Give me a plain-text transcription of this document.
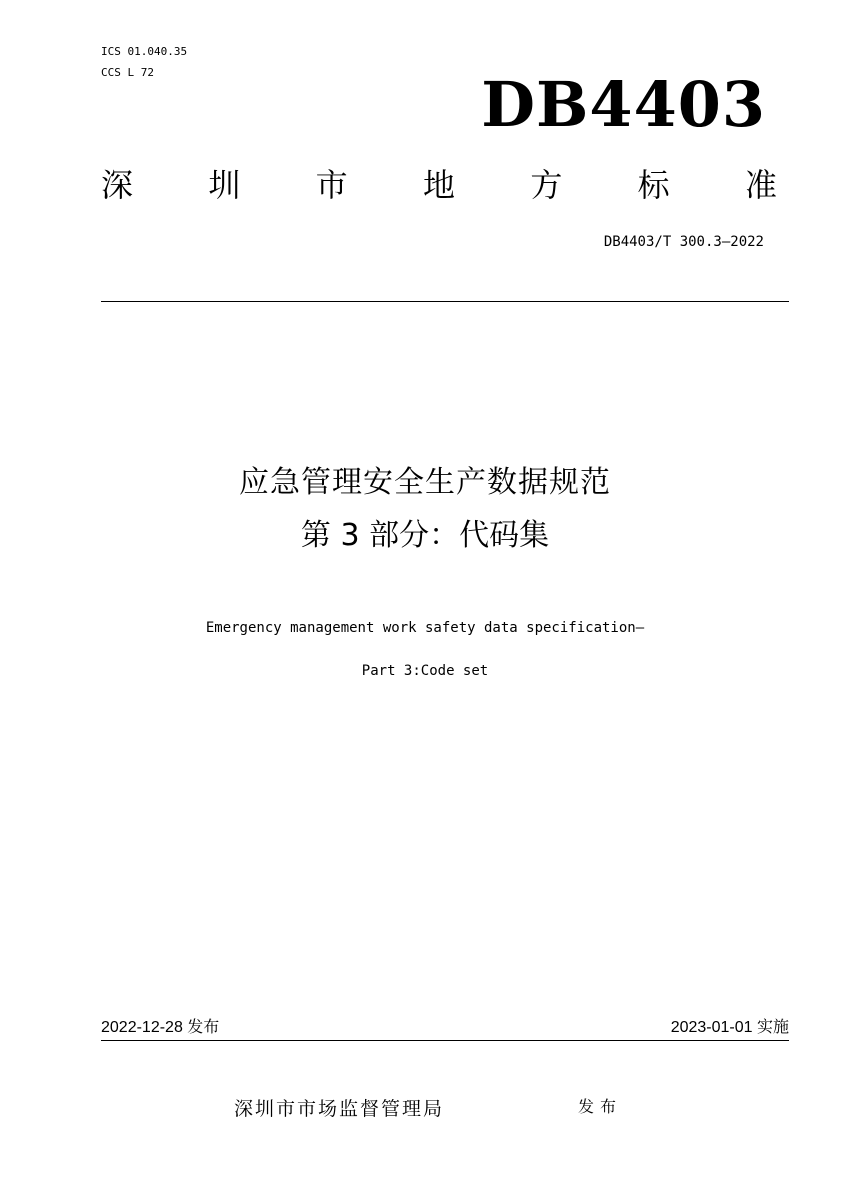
ICS 01.040.35
CCS L 72	DB4403
深 圳 市 地 方 标 准
DB4403/T 300.3—2022
应急管理安全生产数据规范
第 3 部分：代码集
Emergency management work safety data specification—
Part 3:Code set
2022-12-28 发布	2023-01-01 实施
深圳市市场监督管理局	发布
